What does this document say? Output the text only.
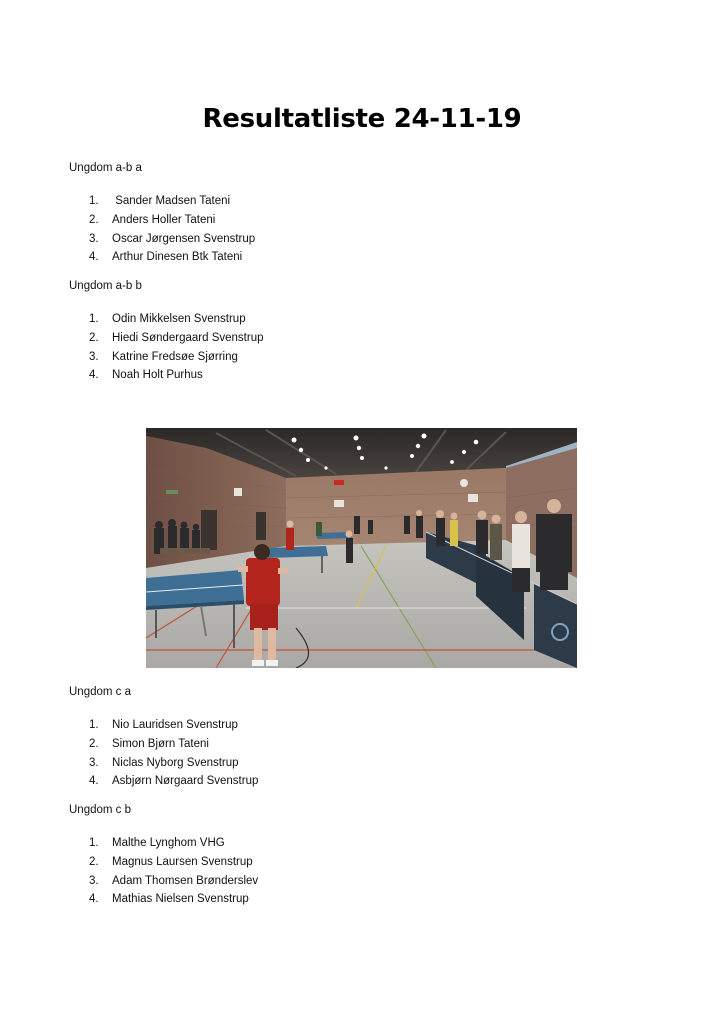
Resultatliste 24-11-19

Ungdom a-b a

1. Sander Madsen Tateni
2. Anders Holler Tateni
3. Oscar Jørgensen Svenstrup
4. Arthur Dinesen Btk Tateni

Ungdom a-b b

1. Odin Mikkelsen Svenstrup
2. Hiedi Søndergaard Svenstrup
3. Katrine Fredsøe Sjørring
4. Noah Holt Purhus

Ungdom c a

1. Nio Lauridsen Svenstrup
2. Simon Bjørn Tateni
3. Niclas Nyborg Svenstrup
4. Asbjørn Nørgaard Svenstrup

Ungdom c b

1. Malthe Lynghom VHG
2. Magnus Laursen Svenstrup
3. Adam Thomsen Brønderslev
4. Mathias Nielsen Svenstrup
